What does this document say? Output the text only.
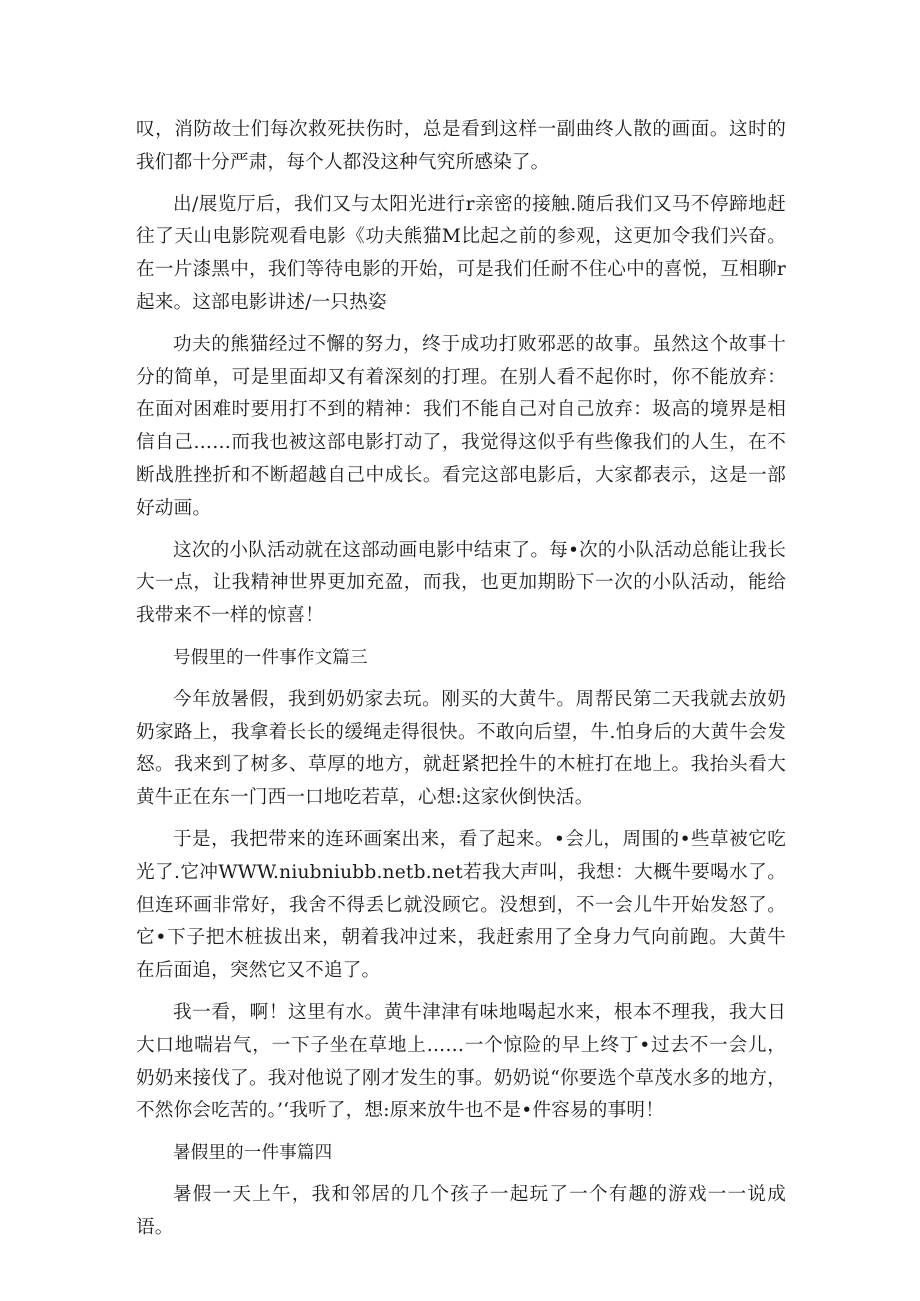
叹，消防故士们每次救死扶伤时，总是看到这样一副曲终人散的画面。这时的我们都十分严肃，每个人都没这种气究所感染了。

出/展览厅后，我们又与太阳光进行r亲密的接触.随后我们又马不停蹄地赶往了天山电影院观看电影《功夫熊猫M比起之前的参观，这更加令我们兴奋。在一片漆黑中，我们等待电影的开始，可是我们任耐不住心中的喜悦，互相聊r起来。这部电影讲述/一只热姿

功夫的熊猫经过不懈的努力，终于成功打败邪恶的故事。虽然这个故事十分的简单，可是里面却又有着深刻的打理。在别人看不起你时，你不能放弃：在面对困难时要用打不到的精神：我们不能自己对自己放弃：圾高的境界是相信自己……而我也被这部电影打动了，我觉得这似乎有些像我们的人生，在不断战胜挫折和不断超越自己中成长。看完这部电影后，大家都表示，这是一部好动画。

这次的小队活动就在这部动画电影中结束了。每•次的小队活动总能让我长大一点，让我精神世界更加充盈，而我，也更加期盼下一次的小队活动，能给我带来不一样的惊喜！

号假里的一件事作文篇三

今年放暑假，我到奶奶家去玩。刚买的大黄牛。周帮民第二天我就去放奶奶家路上，我拿着长长的缓绳走得很快。不敢向后望，牛.怕身后的大黄牛会发怒。我来到了树多、草厚的地方，就赶紧把拴牛的木桩打在地上。我抬头看大黄牛正在东一门西一口地吃若草，心想:这家伙倒快活。

于是，我把带来的连环画案出来，看了起来。•会儿，周围的•些草被它吃光了.它冲WWW.niubniubb.netb.net若我大声叫，我想：大概牛要喝水了。但连环画非常好，我舍不得丢匕就没顾它。没想到，不一会儿牛开始发怒了。它•下子把木桩拔出来，朝着我冲过来，我赶索用了全身力气向前跑。大黄牛在后面追，突然它又不追了。

我一看，啊！这里有水。黄牛津津有味地喝起水来，根本不理我，我大日大口地喘岩气，一下子坐在草地上……一个惊险的早上终丁•过去不一会儿，奶奶来接伐了。我对他说了刚才发生的事。奶奶说“你要选个草茂水多的地方，不然你会吃苦的。’‘我听了，想:原来放牛也不是•件容易的事明！

暑假里的一件事篇四

暑假一天上午，我和邻居的几个孩子一起玩了一个有趣的游戏一一说成语。
